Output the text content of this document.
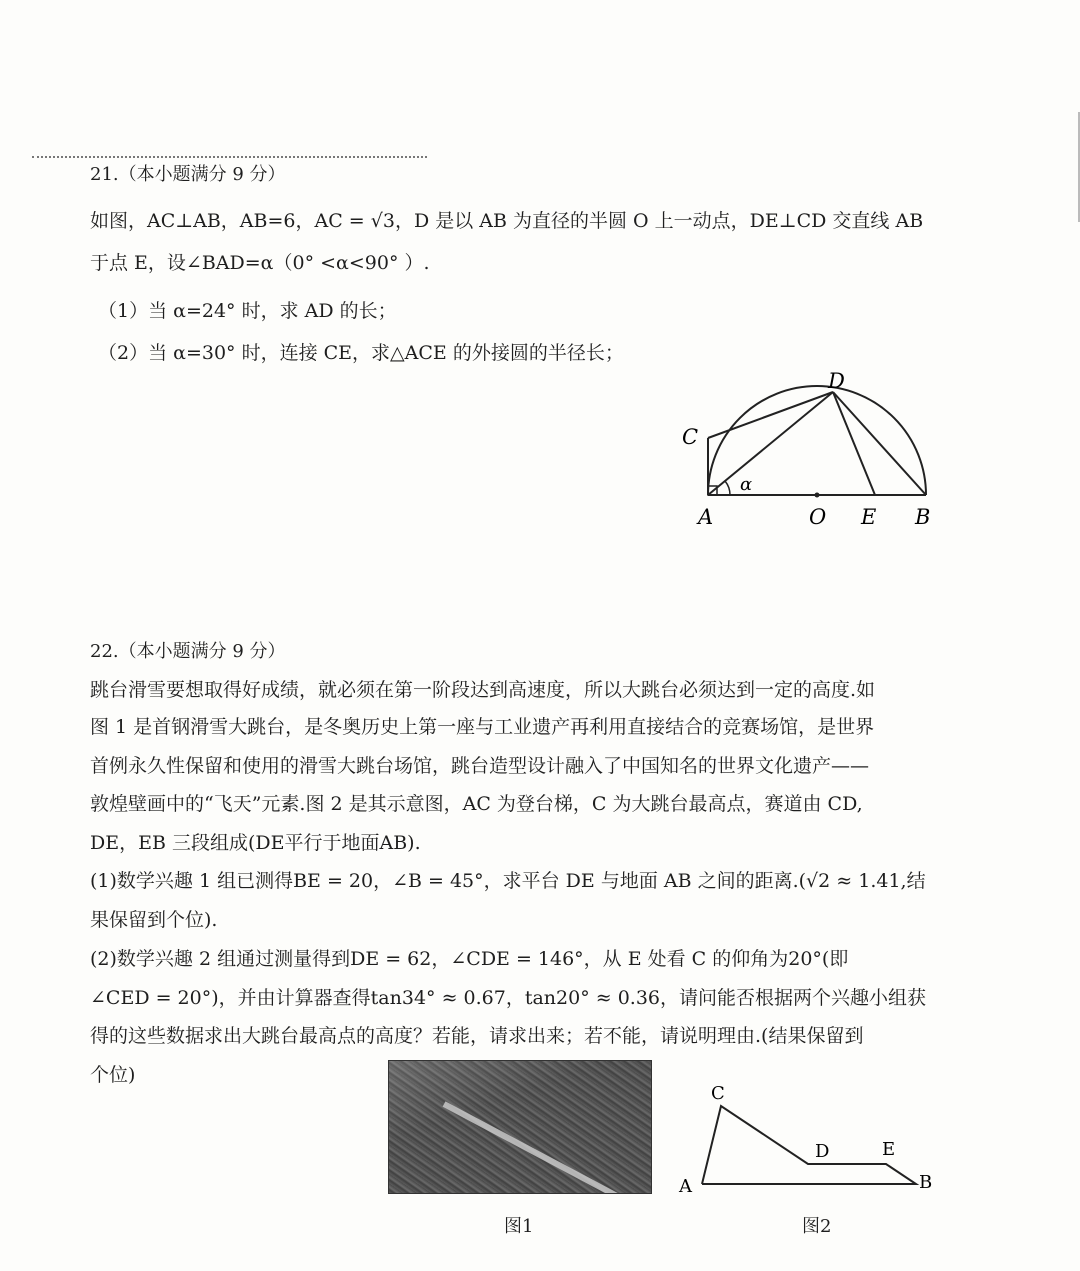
21.（本小题满分 9 分）
如图，AC⊥AB，AB=6，AC = √3，D 是以 AB 为直径的半圆 O 上一动点，DE⊥CD 交直线 AB
于点 E，设∠BAD=α（0° <α<90° ）.
（1）当 α=24° 时，求 AD 的长；
（2）当 α=30° 时，连接 CE，求△ACE 的外接圆的半径长；
C
D
A	O E B
α
22.（本小题满分 9 分）
跳台滑雪要想取得好成绩，就必须在第一阶段达到高速度，所以大跳台必须达到一定的高度.如
图 1 是首钢滑雪大跳台，是冬奥历史上第一座与工业遗产再利用直接结合的竞赛场馆，是世界
首例永久性保留和使用的滑雪大跳台场馆，跳台造型设计融入了中国知名的世界文化遗产——
敦煌壁画中的“飞天”元素.图 2 是其示意图，AC 为登台梯，C 为大跳台最高点，赛道由 CD,
DE，EB 三段组成(DE平行于地面AB).
(1)数学兴趣 1 组已测得BE = 20，∠B = 45°，求平台 DE 与地面 AB 之间的距离.(√2 ≈ 1.41,结
果保留到个位).
(2)数学兴趣 2 组通过测量得到DE = 62，∠CDE = 146°，从 E 处看 C 的仰角为20°(即
∠CED = 20°)，并由计算器查得tan34° ≈ 0.67，tan20° ≈ 0.36，请问能否根据两个兴趣小组获
得的这些数据求出大跳台最高点的高度？若能，请求出来；若不能，请说明理由.(结果保留到
个位)
图1
C
D	E
A	B
图2
